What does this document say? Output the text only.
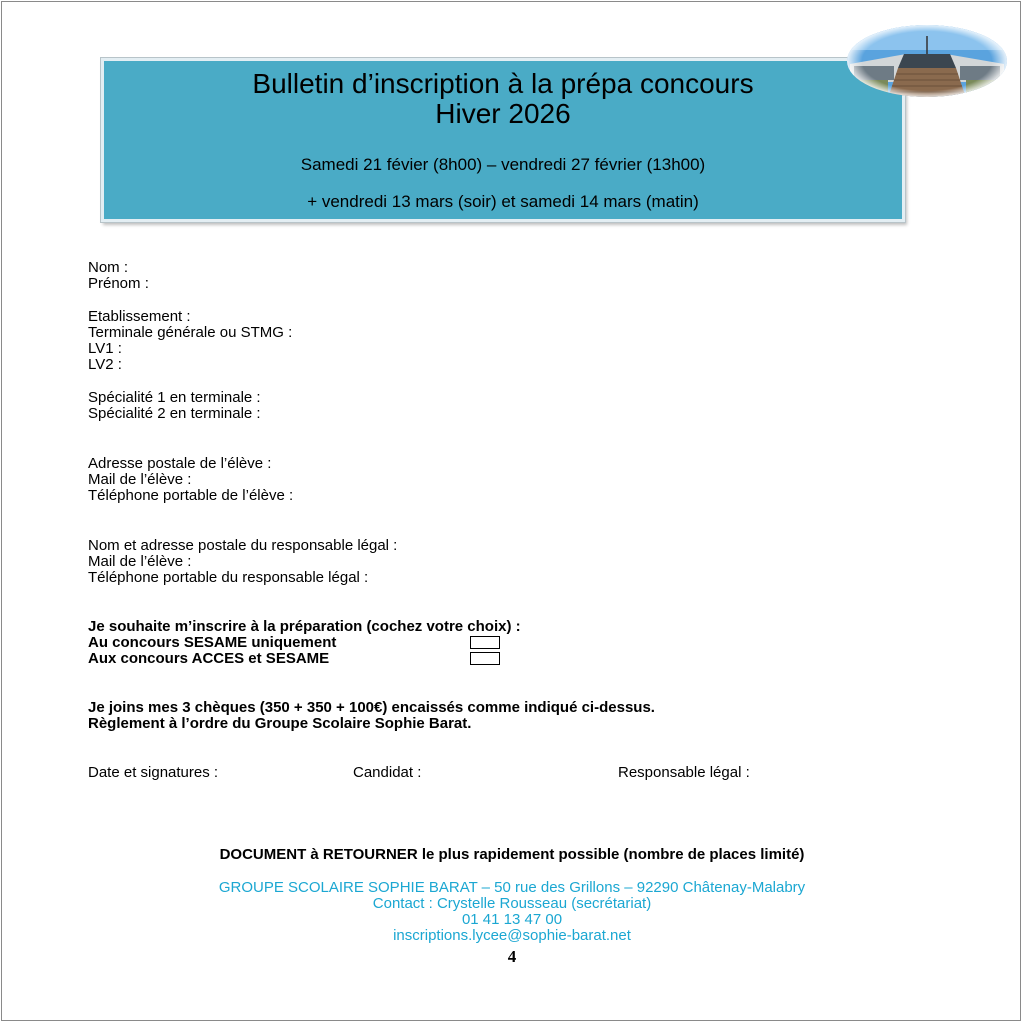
Bulletin d’inscription à la prépa concours
Hiver 2026
Samedi 21 févier (8h00) – vendredi 27 février (13h00)
+ vendredi 13 mars (soir) et samedi 14 mars (matin)
Nom :
Prénom :
Etablissement :
Terminale générale ou STMG :
LV1 :
LV2 :
Spécialité 1 en terminale :
Spécialité 2 en terminale :
Adresse postale de l’élève :
Mail de l’élève :
Téléphone portable de l’élève :
Nom et adresse postale du responsable légal :
Mail de l’élève :
Téléphone portable du responsable légal :
Je souhaite m’inscrire à la préparation (cochez votre choix) :
Au concours SESAME uniquement
Aux concours ACCES et SESAME
Je joins mes 3 chèques (350 + 350 + 100€) encaissés comme indiqué ci-dessus.
Règlement à l’ordre du Groupe Scolaire Sophie Barat.
Date et signatures :	Candidat :	Responsable légal :
DOCUMENT à RETOURNER le plus rapidement possible (nombre de places limité)
GROUPE SCOLAIRE SOPHIE BARAT – 50 rue des Grillons – 92290 Châtenay-Malabry
Contact : Crystelle Rousseau (secrétariat)
01 41 13 47 00
inscriptions.lycee@sophie-barat.net
4
